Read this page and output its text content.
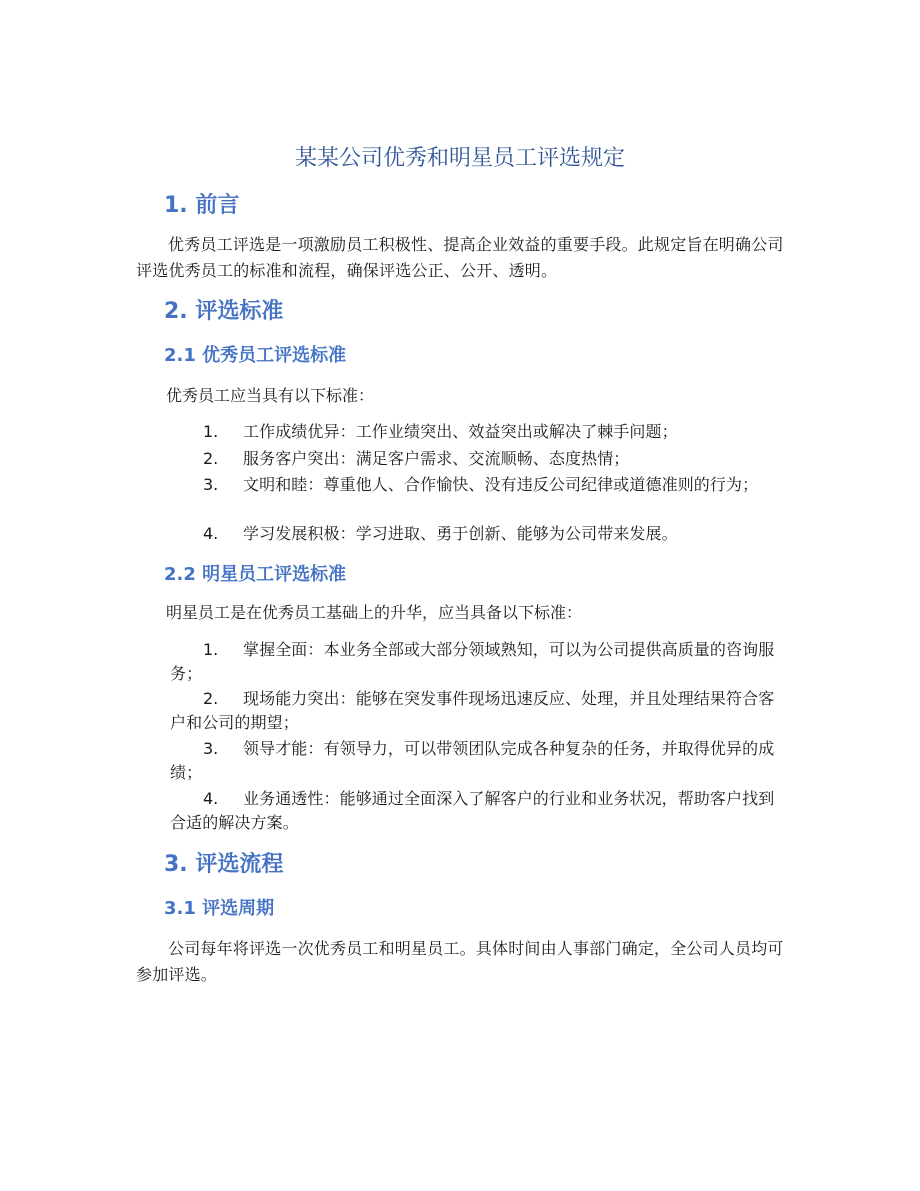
某某公司优秀和明星员工评选规定
1. 前言
优秀员工评选是一项激励员工积极性、提高企业效益的重要手段。此规定旨在明确公司评选优秀员工的标准和流程，确保评选公正、公开、透明。
2. 评选标准
2.1 优秀员工评选标准
优秀员工应当具有以下标准：
1. 工作成绩优异：工作业绩突出、效益突出或解决了棘手问题；
2. 服务客户突出：满足客户需求、交流顺畅、态度热情；
3. 文明和睦：尊重他人、合作愉快、没有违反公司纪律或道德准则的行为；
4. 学习发展积极：学习进取、勇于创新、能够为公司带来发展。
2.2 明星员工评选标准
明星员工是在优秀员工基础上的升华，应当具备以下标准：
1. 掌握全面：本业务全部或大部分领域熟知，可以为公司提供高质量的咨询服务；
2. 现场能力突出：能够在突发事件现场迅速反应、处理，并且处理结果符合客户和公司的期望；
3. 领导才能：有领导力，可以带领团队完成各种复杂的任务，并取得优异的成绩；
4. 业务通透性：能够通过全面深入了解客户的行业和业务状况，帮助客户找到合适的解决方案。
3. 评选流程
3.1 评选周期
公司每年将评选一次优秀员工和明星员工。具体时间由人事部门确定，全公司人员均可参加评选。
